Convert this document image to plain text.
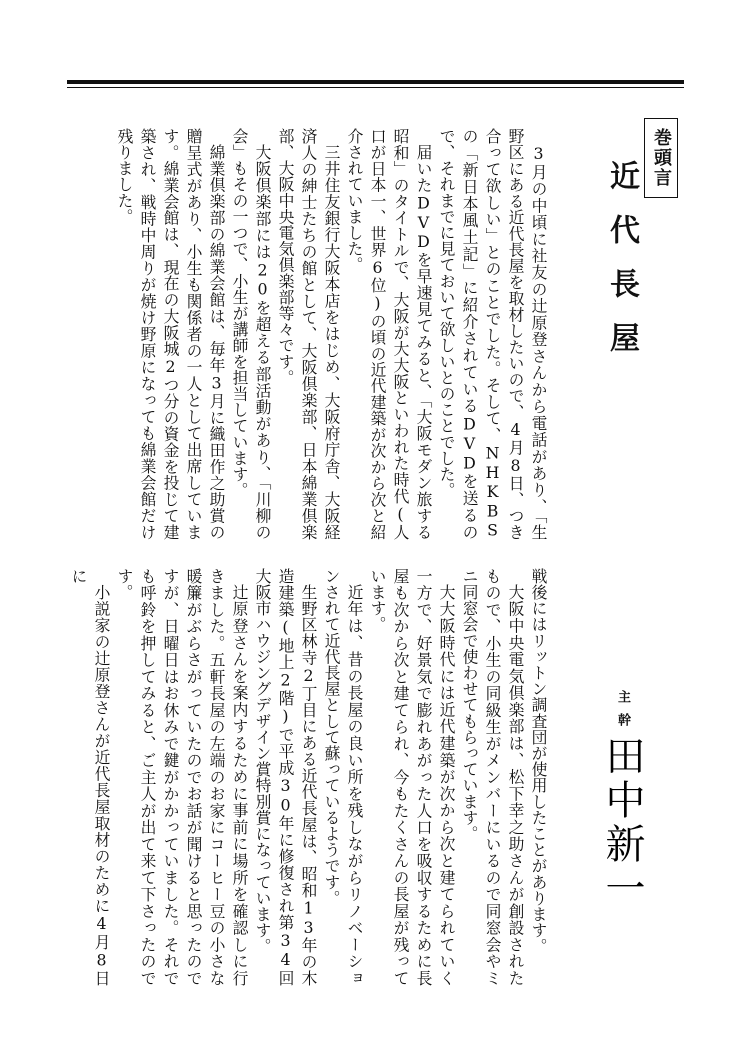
巻頭言
近代長屋

3月の中頃に社友の辻原登さんから電話があり、「生野区にある近代長屋を取材したいので、4月8日、つき合って欲しい」とのことでした。そして、NHKBSの「新日本風土記」に紹介されているDVDを送るので、それまでに見ておいて欲しいとのことでした。

届いたDVDを早速見てみると、「大阪モダン旅する昭和」のタイトルで、大阪が大大阪といわれた時代(人口が日本一、世界6位)の頃の近代建築が次から次と紹介されていました。

三井住友銀行大阪本店をはじめ、大阪府庁舎、大阪経済人の紳士たちの館として、大阪倶楽部、日本綿業倶楽部、大阪中央電気倶楽部等々です。

大阪倶楽部には20を超える部活動があり、「川柳の会」もその一つで、小生が講師を担当しています。

綿業倶楽部の綿業会館は、毎年3月に織田作之助賞の贈呈式があり、小生も関係者の一人として出席しています。綿業会館は、現在の大阪城2つ分の資金を投じて建築され、戦時中周りが焼け野原になっても綿業会館だけ残りました。

戦後にはリットン調査団が使用したことがあります。

大阪中央電気倶楽部は、松下幸之助さんが創設されたもので、小生の同級生がメンバーにいるので同窓会やミニ同窓会で使わせてもらっています。

大大阪時代には近代建築が次から次と建てられていく一方で、好景気で膨れあがった人口を吸収するために長屋も次から次と建てられ、今もたくさんの長屋が残っています。

近年は、昔の長屋の良い所を残しながらリノベーションされて近代長屋として蘇っているようです。

生野区林寺2丁目にある近代長屋は、昭和13年の木造建築(地上2階)で平成30年に修復され第34回大阪市ハウジングデザイン賞特別賞になっています。

辻原登さんを案内するために事前に場所を確認しに行きました。五軒長屋の左端のお家にコーヒー豆の小さな暖簾がぶらさがっていたのでお話が聞けると思ったのですが、日曜日はお休みで鍵がかかっていました。それでも呼鈴を押してみると、ご主人が出て来て下さったのです。

小説家の辻原登さんが近代長屋取材のために4月8日に

主幹
田中新一
